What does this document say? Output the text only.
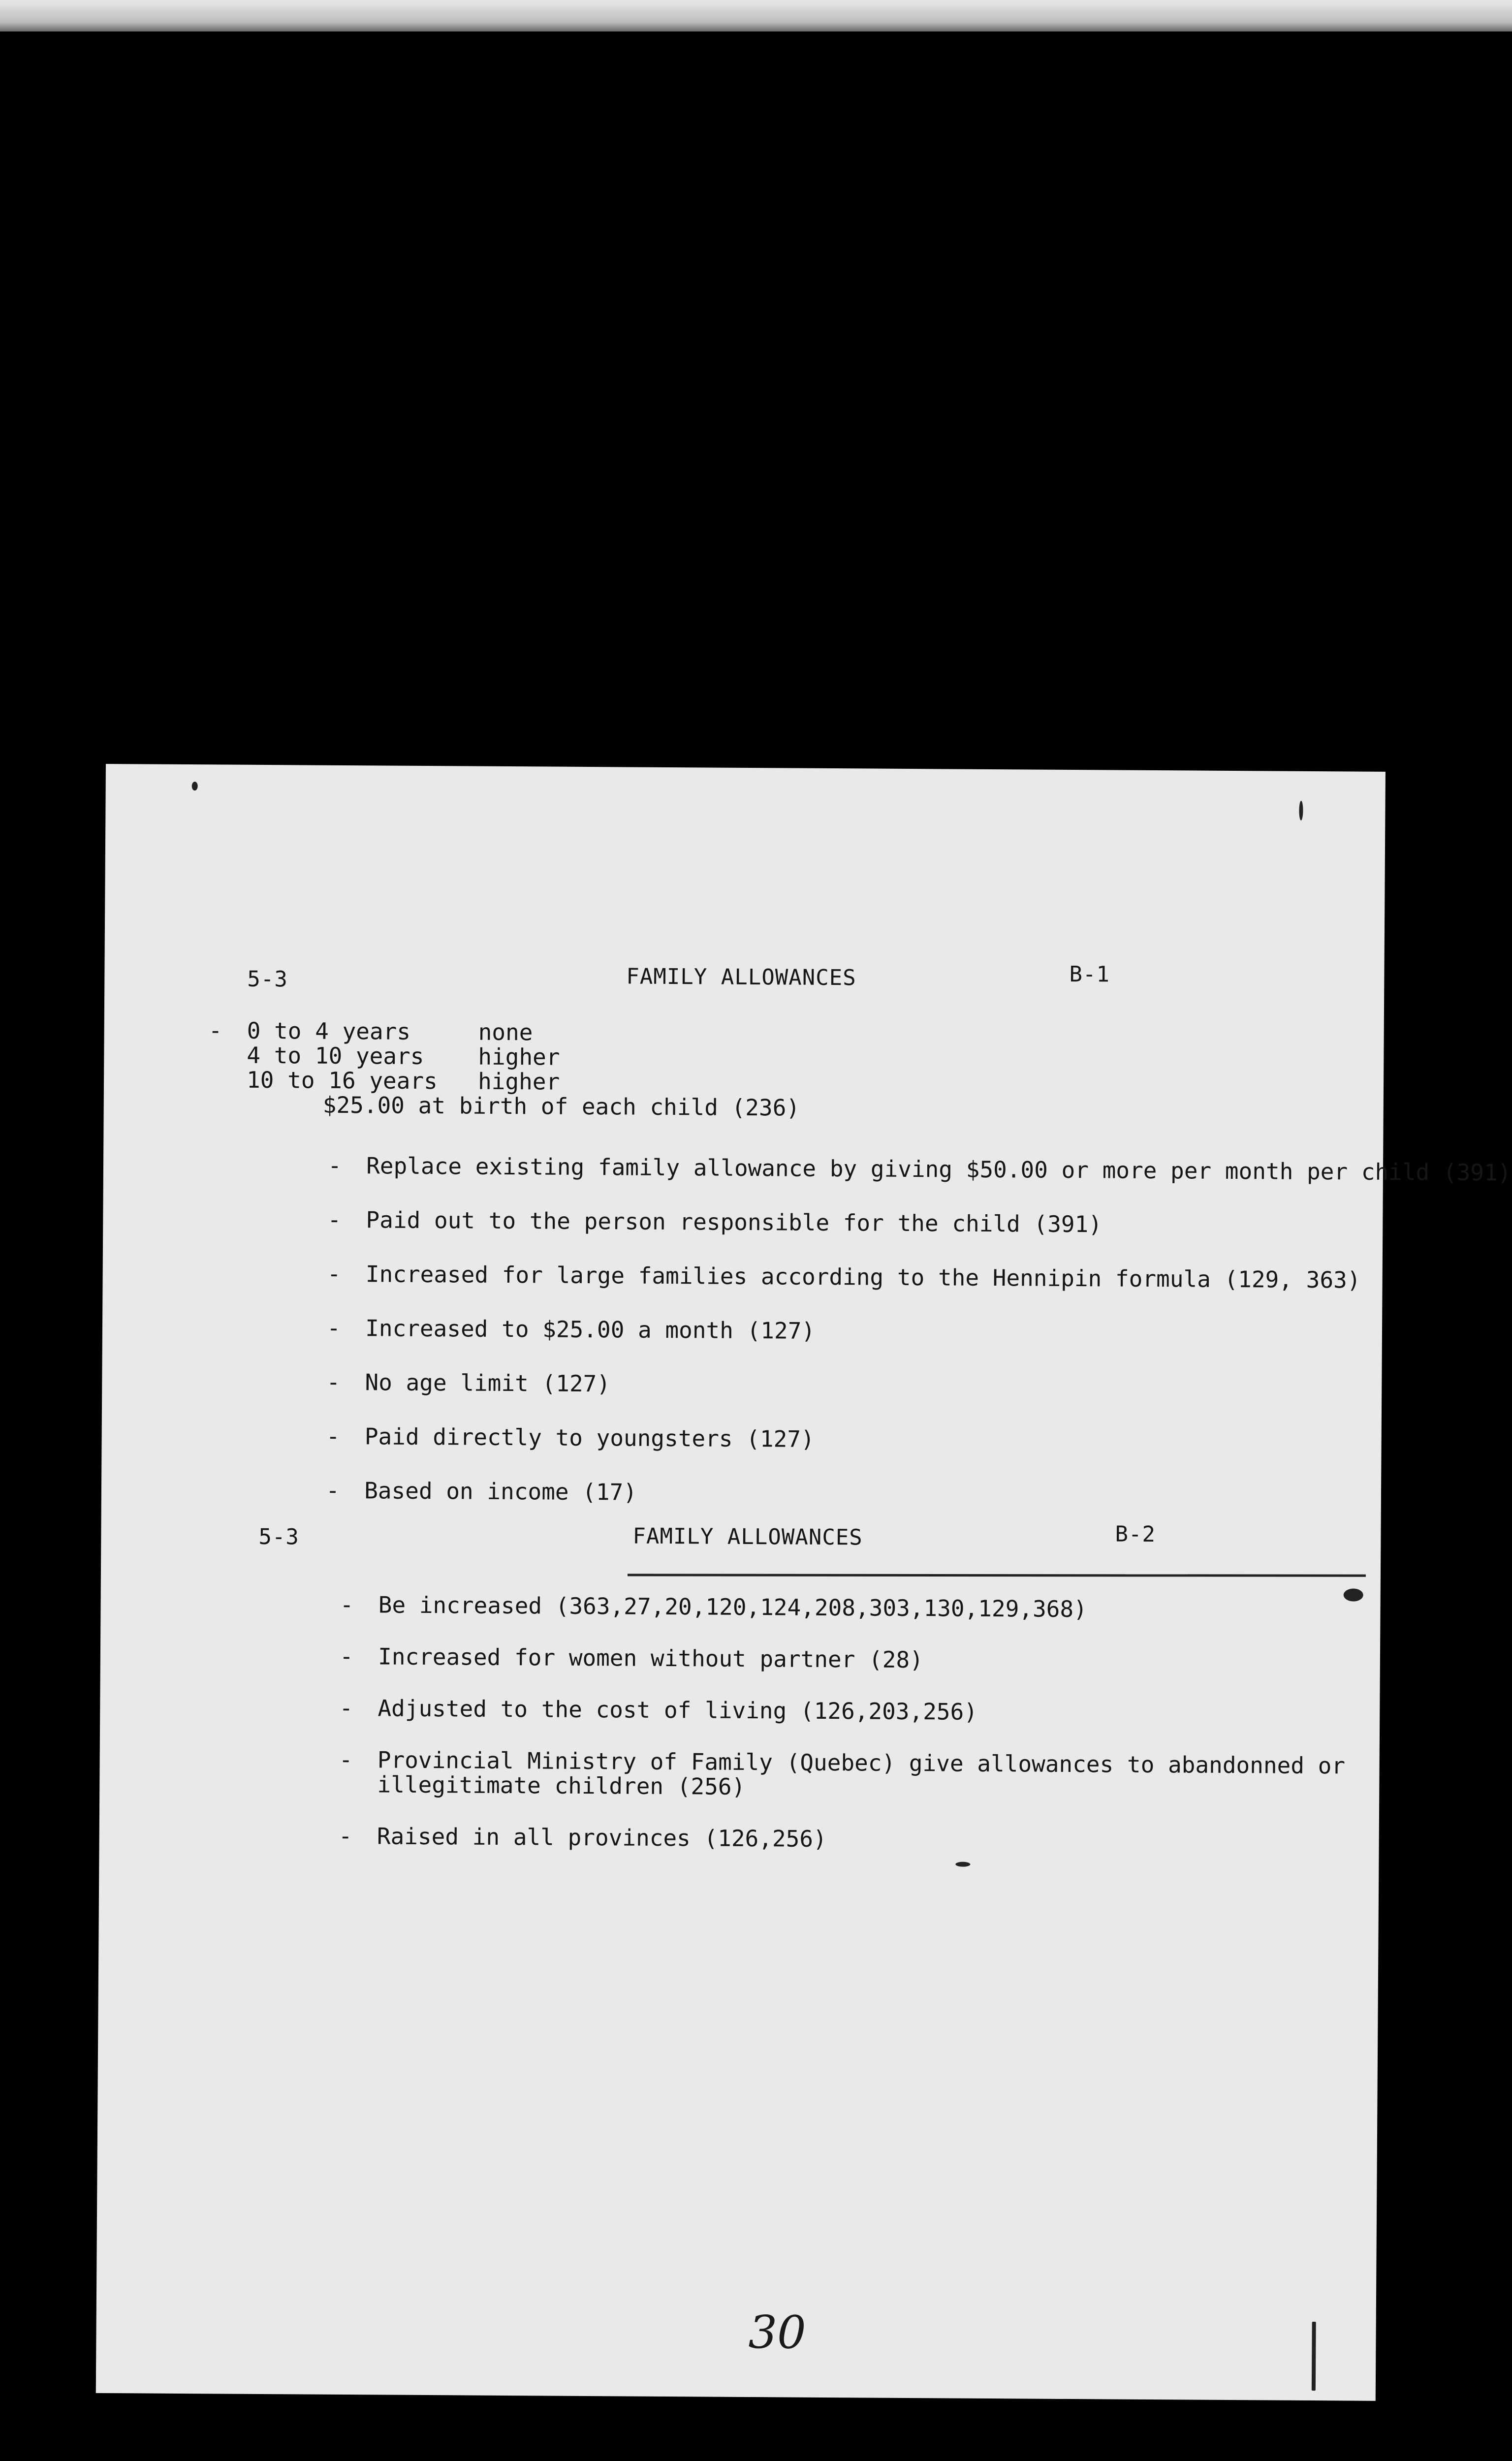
5-3	FAMILY ALLOWANCES	B-1
- 0 to 4 years	none
4 to 10 years	higher
10 to 16 years	higher
$25.00 at birth of each child (236)

- Replace existing family allowance by giving $50.00 or more per month per child (391)

- Paid out to the person responsible for the child (391)

- Increased for large families according to the Hennipin formula (129, 363)

- Increased to $25.00 a month (127)

- No age limit (127)

- Paid directly to youngsters (127)

- Based on income (17)

5-3	FAMILY ALLOWANCES	B-2

- Be increased (363,27,20,120,124,208,303,130,129,368)

- Increased for women without partner (28)

- Adjusted to the cost of living (126,203,256)

- Provincial Ministry of Family (Quebec) give allowances to abandonned or
illegitimate children (256)

- Raised in all provinces (126,256)

30
